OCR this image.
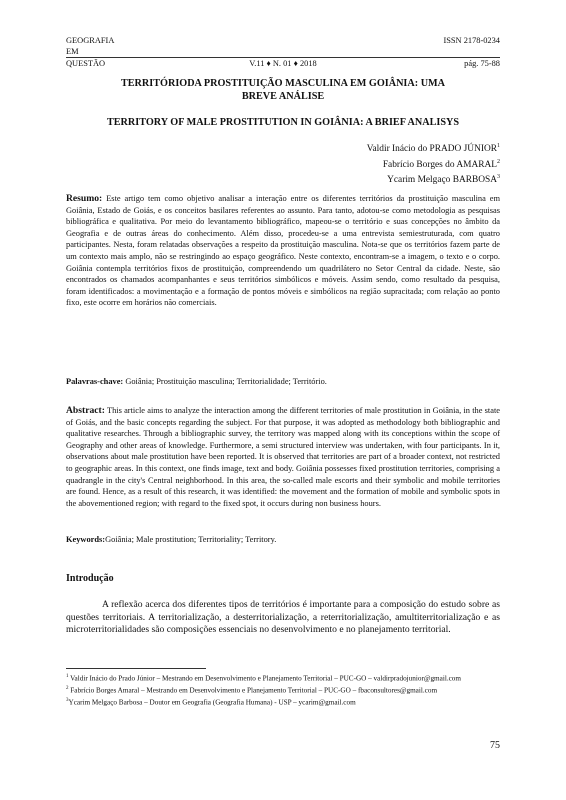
GEOGRAFIA	ISSN 2178-0234
EM
QUESTÃO	V.11 ♦ N. 01 ♦ 2018	pág. 75-88
TERRITÓRIODA PROSTITUIÇÃO MASCULINA EM GOIÂNIA: UMA BREVE ANÁLISE
TERRITORY OF MALE PROSTITUTION IN GOIÂNIA: A BRIEF ANALISYS
Valdir Inácio do PRADO JÚNIOR$^1$
Fabrício Borges do AMARAL$^2$
Ycarim Melgaço BARBOSA$^3$
Resumo: Este artigo tem como objetivo analisar a interação entre os diferentes territórios da prostituição masculina em Goiânia, Estado de Goiás, e os conceitos basilares referentes ao assunto. Para tanto, adotou-se como metodologia as pesquisas bibliográfica e qualitativa. Por meio do levantamento bibliográfico, mapeou-se o território e suas concepções no âmbito da Geografia e de outras áreas do conhecimento. Além disso, procedeu-se a uma entrevista semiestruturada, com quatro participantes. Nesta, foram relatadas observações a respeito da prostituição masculina. Nota-se que os territórios fazem parte de um contexto mais amplo, não se restringindo ao espaço geográfico. Neste contexto, encontram-se a imagem, o texto e o corpo. Goiânia contempla territórios fixos de prostituição, compreendendo um quadrilátero no Setor Central da cidade. Neste, são encontrados os chamados acompanhantes e seus territórios simbólicos e móveis. Assim sendo, como resultado da pesquisa, foram identificados: a movimentação e a formação de pontos móveis e simbólicos na região supracitada; com relação ao ponto fixo, este ocorre em horários não comerciais.
Palavras-chave: Goiânia; Prostituição masculina; Territorialidade; Território.
Abstract: This article aims to analyze the interaction among the different territories of male prostitution in Goiânia, in the state of Goiás, and the basic concepts regarding the subject. For that purpose, it was adopted as methodology both bibliographic and qualitative researches. Through a bibliographic survey, the territory was mapped along with its conceptions within the scope of Geography and other areas of knowledge. Furthermore, a semi structured interview was undertaken, with four participants. In it, observations about male prostitution have been reported. It is observed that territories are part of a broader context, not restricted to geographic areas. In this context, one finds image, text and body. Goiânia possesses fixed prostitution territories, comprising a quadrangle in the city's Central neighborhood. In this area, the so-called male escorts and their symbolic and mobile territories are found. Hence, as a result of this research, it was identified: the movement and the formation of mobile and symbolic spots in the abovementioned region; with regard to the fixed spot, it occurs during non business hours.
Keywords:Goiânia; Male prostitution; Territoriality; Territory.
Introdução
A reflexão acerca dos diferentes tipos de territórios é importante para a composição do estudo sobre as questões territoriais. A territorialização, a desterritorialização, a reterritorialização, amultiterritorialização e as microterritorialidades são composições essenciais no desenvolvimento e no planejamento territorial.
$^1$ Valdir Inácio do Prado Júnior – Mestrando em Desenvolvimento e Planejamento Territorial – PUC-GO – valdirpradojunior@gmail.com
$^2$ Fabrício Borges Amaral – Mestrando em Desenvolvimento e Planejamento Territorial – PUC-GO – fbaconsultores@gmail.com
$^3$Ycarim Melgaço Barbosa – Doutor em Geografia (Geografia Humana) - USP – ycarim@gmail.com
75
